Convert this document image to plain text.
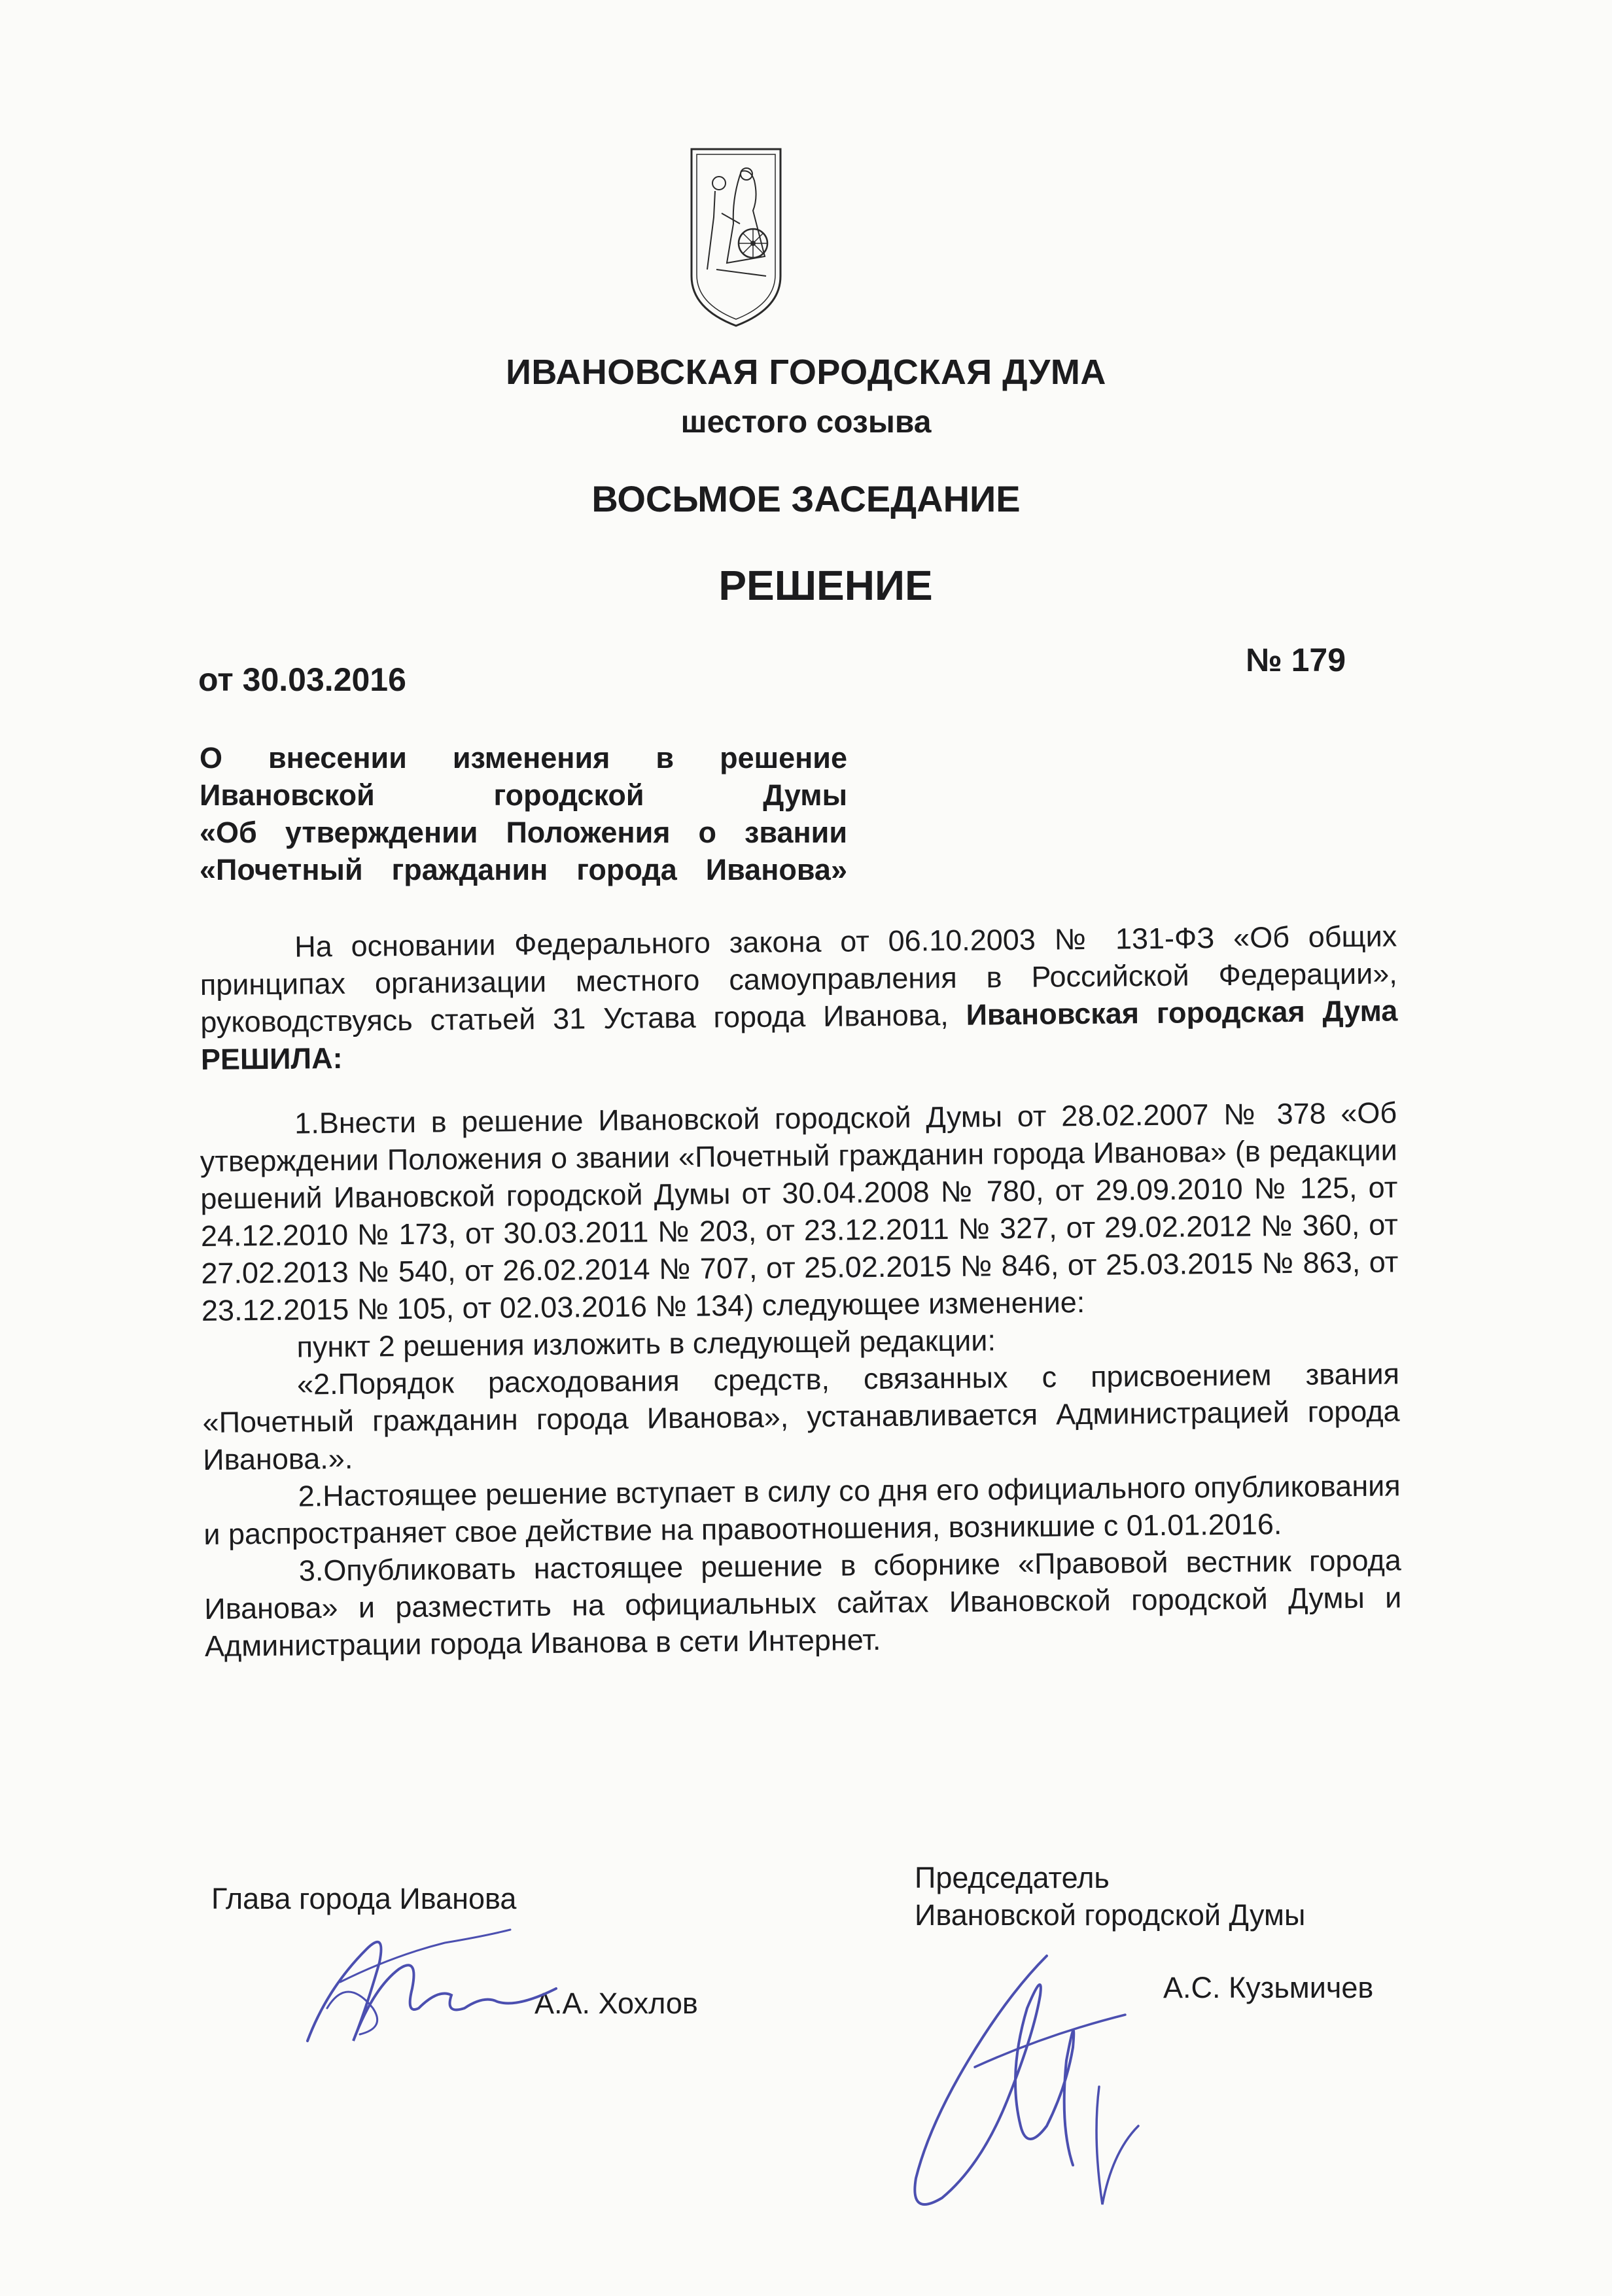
ИВАНОВСКАЯ ГОРОДСКАЯ ДУМА
шестого созыва
ВОСЬМОЕ ЗАСЕДАНИЕ
РЕШЕНИЕ
от 30.03.2016
№ 179
О внесении изменения в решение
Ивановской городской Думы
«Об утверждении Положения о звании
«Почетный гражданин города Иванова»

На основании Федерального закона от 06.10.2003 № 131-ФЗ «Об общих принципах организации местного самоуправления в Российской Федерации», руководствуясь статьей 31 Устава города Иванова, Ивановская городская Дума РЕШИЛА:

1.Внести в решение Ивановской городской Думы от 28.02.2007 № 378 «Об утверждении Положения о звании «Почетный гражданин города Иванова» (в редакции решений Ивановской городской Думы от 30.04.2008 № 780, от 29.09.2010 № 125, от 24.12.2010 № 173, от 30.03.2011 № 203, от 23.12.2011 № 327, от 29.02.2012 № 360, от 27.02.2013 № 540, от 26.02.2014 № 707, от 25.02.2015 № 846, от 25.03.2015 № 863, от 23.12.2015 № 105, от 02.03.2016 № 134) следующее изменение:

пункт 2 решения изложить в следующей редакции:

«2.Порядок расходования средств, связанных с присвоением звания «Почетный гражданин города Иванова», устанавливается Администрацией города Иванова.».

2.Настоящее решение вступает в силу со дня его официального опубликования и распространяет свое действие на правоотношения, возникшие с 01.01.2016.

3.Опубликовать настоящее решение в сборнике «Правовой вестник города Иванова» и разместить на официальных сайтах Ивановской городской Думы и Администрации города Иванова в сети Интернет.

Глава города Иванова
А.А. Хохлов
Председатель
Ивановской городской Думы
А.С. Кузьмичев
